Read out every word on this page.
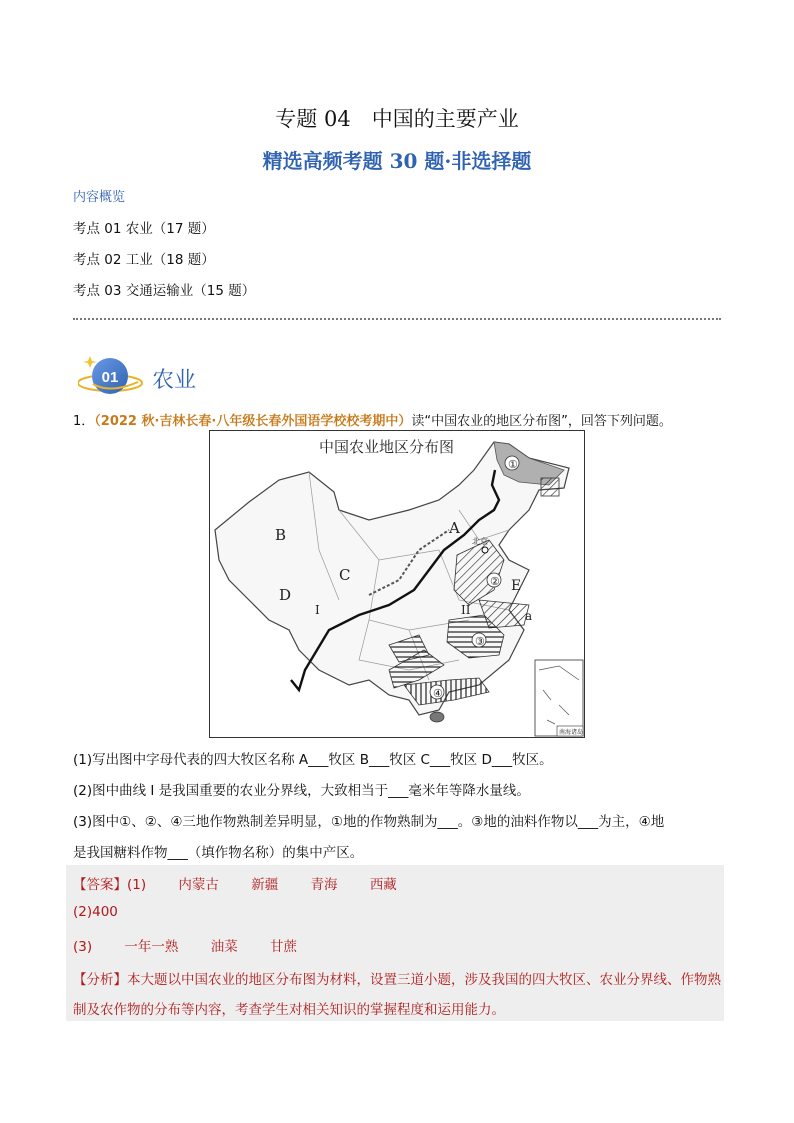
专题 04　中国的主要产业
精选高频考题 30 题·非选择题
内容概览
考点 01 农业（17 题）
考点 02 工业（18 题）
考点 03 交通运输业（15 题）
01 农业
1．（2022 秋·吉林长春·八年级长春外国语学校校考期中）读“中国农业的地区分布图”，回答下列问题。
中国农业地区分布图
①
②
③
④
北京
B	A
C
D	E
a
I	II
南海诸岛
(1)写出图中字母代表的四大牧区名称 A___牧区 B___牧区 C___牧区 D___牧区。
(2)图中曲线 I 是我国重要的农业分界线，大致相当于___毫米年等降水量线。
(3)图中①、②、④三地作物熟制差异明显，①地的作物熟制为___。③地的油料作物以___为主，④地
是我国糖料作物___（填作物名称）的集中产区。
【答案】(1) 内蒙古 新疆 青海 西藏
(2)400
(3) 一年一熟 油菜 甘蔗
【分析】本大题以中国农业的地区分布图为材料，设置三道小题，涉及我国的四大牧区、农业分界线、作物熟制及农作物的分布等内容，考查学生对相关知识的掌握程度和运用能力。
